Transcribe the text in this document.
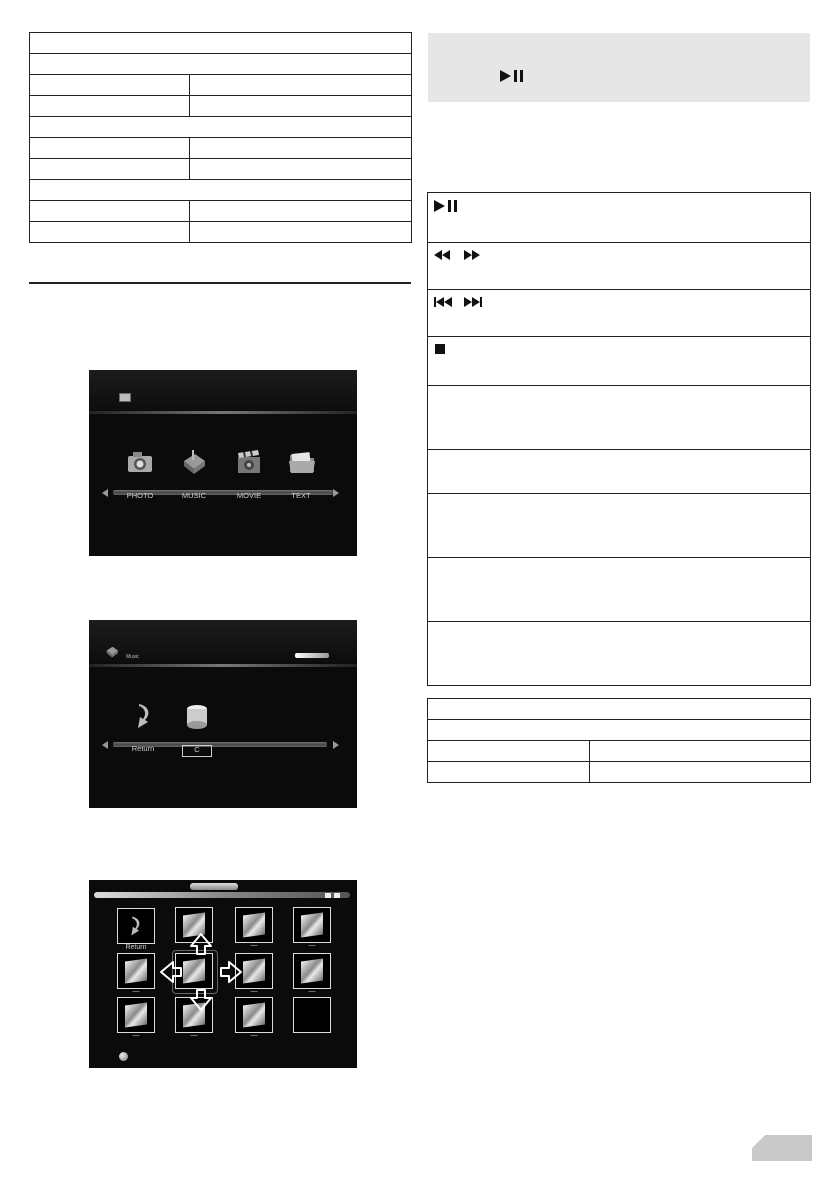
PHOTO	MUSIC	MOVIE	TEXT
Music
Return	C
Return	—	—
—	—	—
—	—	—
